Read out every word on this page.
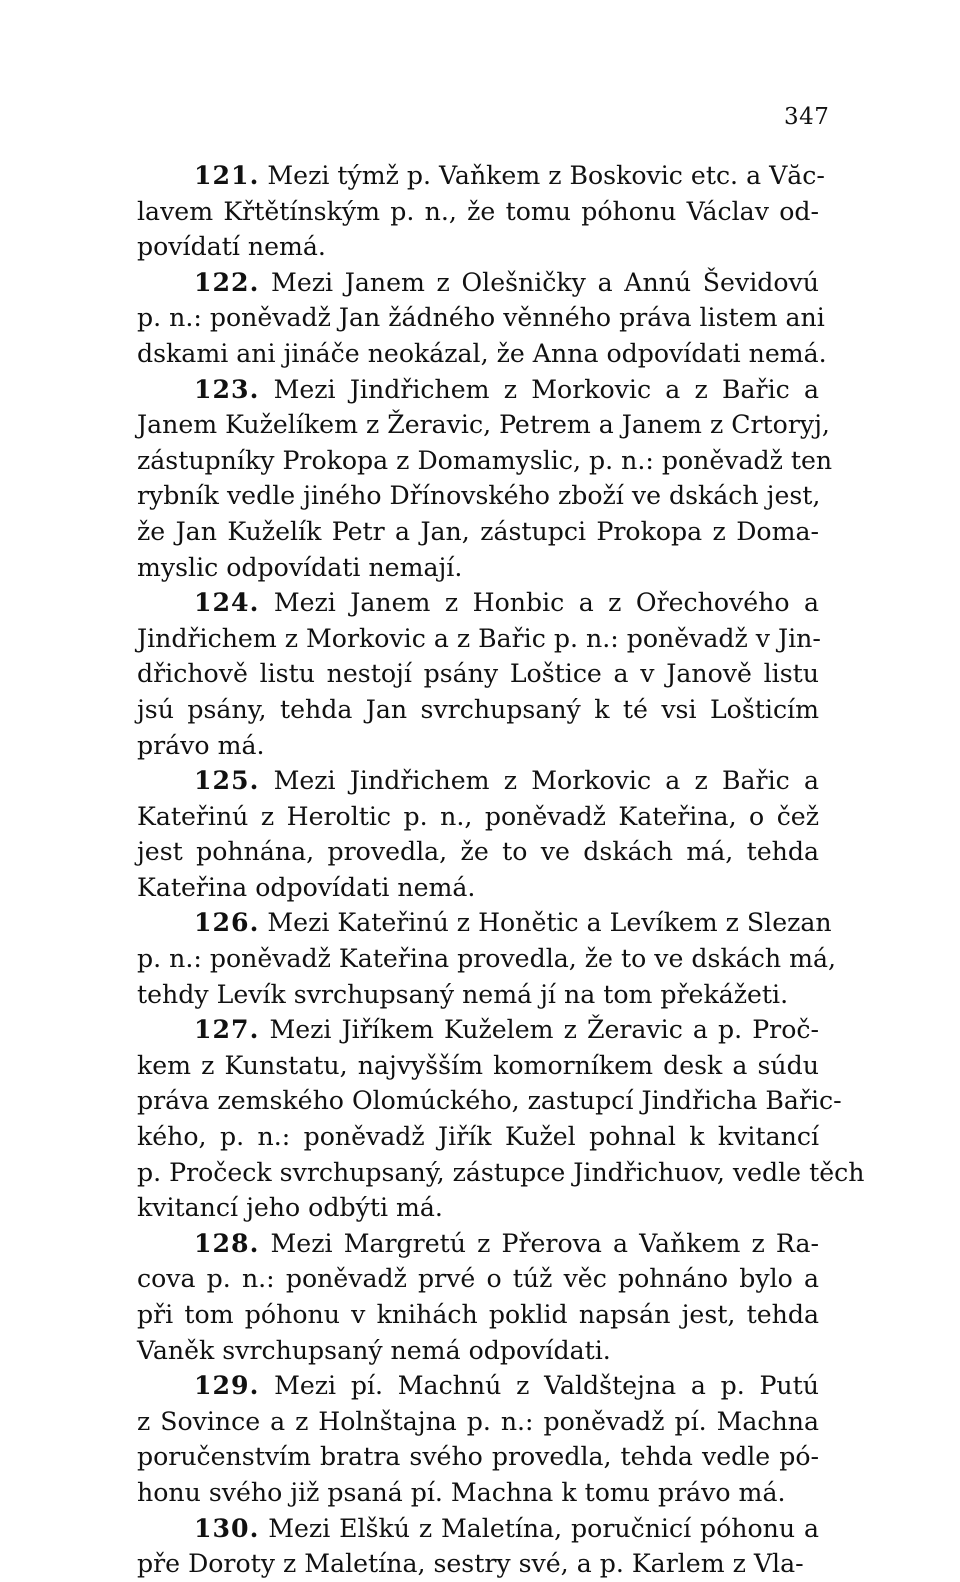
347
121. Mezi týmž p. Vaňkem z Boskovic etc. a Văc-
lavem Křtětínským p. n., že tomu póhonu Václav od-
povídatí nemá.
122. Mezi Janem z Olešničky a Annú Ševidovú
p. n.: poněvadž Jan žádného věnného práva listem ani
dskami ani jináče neokázal, že Anna odpovídati nemá.
123. Mezi Jindřichem z Morkovic a z Bařic a
Janem Kuželíkem z Žeravic, Petrem a Janem z Crtoryj,
zástupníky Prokopa z Domamyslic, p. n.: poněvadž ten
rybník vedle jiného Dřínovského zboží ve dskách jest,
že Jan Kuželík Petr a Jan, zástupci Prokopa z Doma-
myslic odpovídati nemají.
124. Mezi Janem z Honbic a z Ořechového a
Jindřichem z Morkovic a z Bařic p. n.: poněvadž v Jin-
dřichově listu nestojí psány Loštice a v Janově listu
jsú psány, tehda Jan svrchupsaný k té vsi Lošticím
právo má.
125. Mezi Jindřichem z Morkovic a z Bařic a
Kateřinú z Heroltic p. n., poněvadž Kateřina, o čež
jest pohnána, provedla, že to ve dskách má, tehda
Kateřina odpovídati nemá.
126. Mezi Kateřinú z Honětic a Levíkem z Slezan
p. n.: poněvadž Kateřina provedla, že to ve dskách má,
tehdy Levík svrchupsaný nemá jí na tom překážeti.
127. Mezi Jiříkem Kuželem z Žeravic a p. Proč-
kem z Kunstatu, najvyšším komorníkem desk a súdu
práva zemského Olomúckého, zastupcí Jindřicha Bařic-
kého, p. n.: poněvadž Jiřík Kužel pohnal k kvitancí
p. Pročeck svrchupsaný, zástupce Jindřichuov, vedle těch
kvitancí jeho odbýti má.
128. Mezi Margretú z Přerova a Vaňkem z Ra-
cova p. n.: poněvadž prvé o túž věc pohnáno bylo a
při tom póhonu v knihách poklid napsán jest, tehda
Vaněk svrchupsaný nemá odpovídati.
129. Mezi pí. Machnú z Valdštejna a p. Putú
z Sovince a z Holnštajna p. n.: poněvadž pí. Machna
poručenstvím bratra svého provedla, tehda vedle pó-
honu svého již psaná pí. Machna k tomu právo má.
130. Mezi Elškú z Maletína, poručnicí póhonu a
pře Doroty z Maletína, sestry své, a p. Karlem z Vla-
